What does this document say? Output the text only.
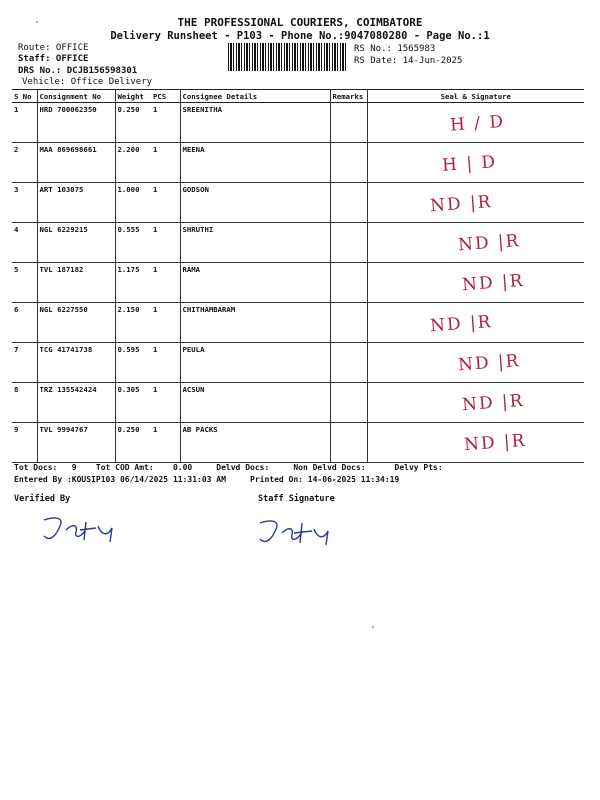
THE PROFESSIONAL COURIERS, COIMBATORE
Delivery Runsheet - P103 - Phone No.:9047080280 - Page No.:1
Route: OFFICE
Staff: OFFICE
DRS No.: DCJB156598301
Vehicle: Office Delivery
RS No.: 1565983
RS Date: 14-Jun-2025
S No	Consignment No	Weight	PCS	Consignee Details	Remarks	Seal & Signature
1	HRD 700062350	0.250	1	SREENITHA		H / D

2	MAA 869698661	2.200	1	MEENA		H | D

3	ART 103075	1.000	1	GODSON		ND |R

4	NGL 6229215	0.555	1	SHRUTHI		ND |R

5	TVL 187182	1.175	1	RAMA		ND |R

6	NGL 6227550	2.150	1	CHITHAMBARAM		ND |R

7	TCG 41741738	0.595	1	PEULA		ND |R

8	TRZ 135542424	0.305	1	ACSUN		ND |R

9	TVL 9994767	0.250	1	AB PACKS		ND |R
Tot Docs:   9    Tot COD Amt:    0.00     Delvd Docs:     Non Delvd Docs:      Delvy Pts:
Entered By :KOUSIP103 06/14/2025 11:31:03 AM     Printed On: 14-06-2025 11:34:19
Verified By	Staff Signature
